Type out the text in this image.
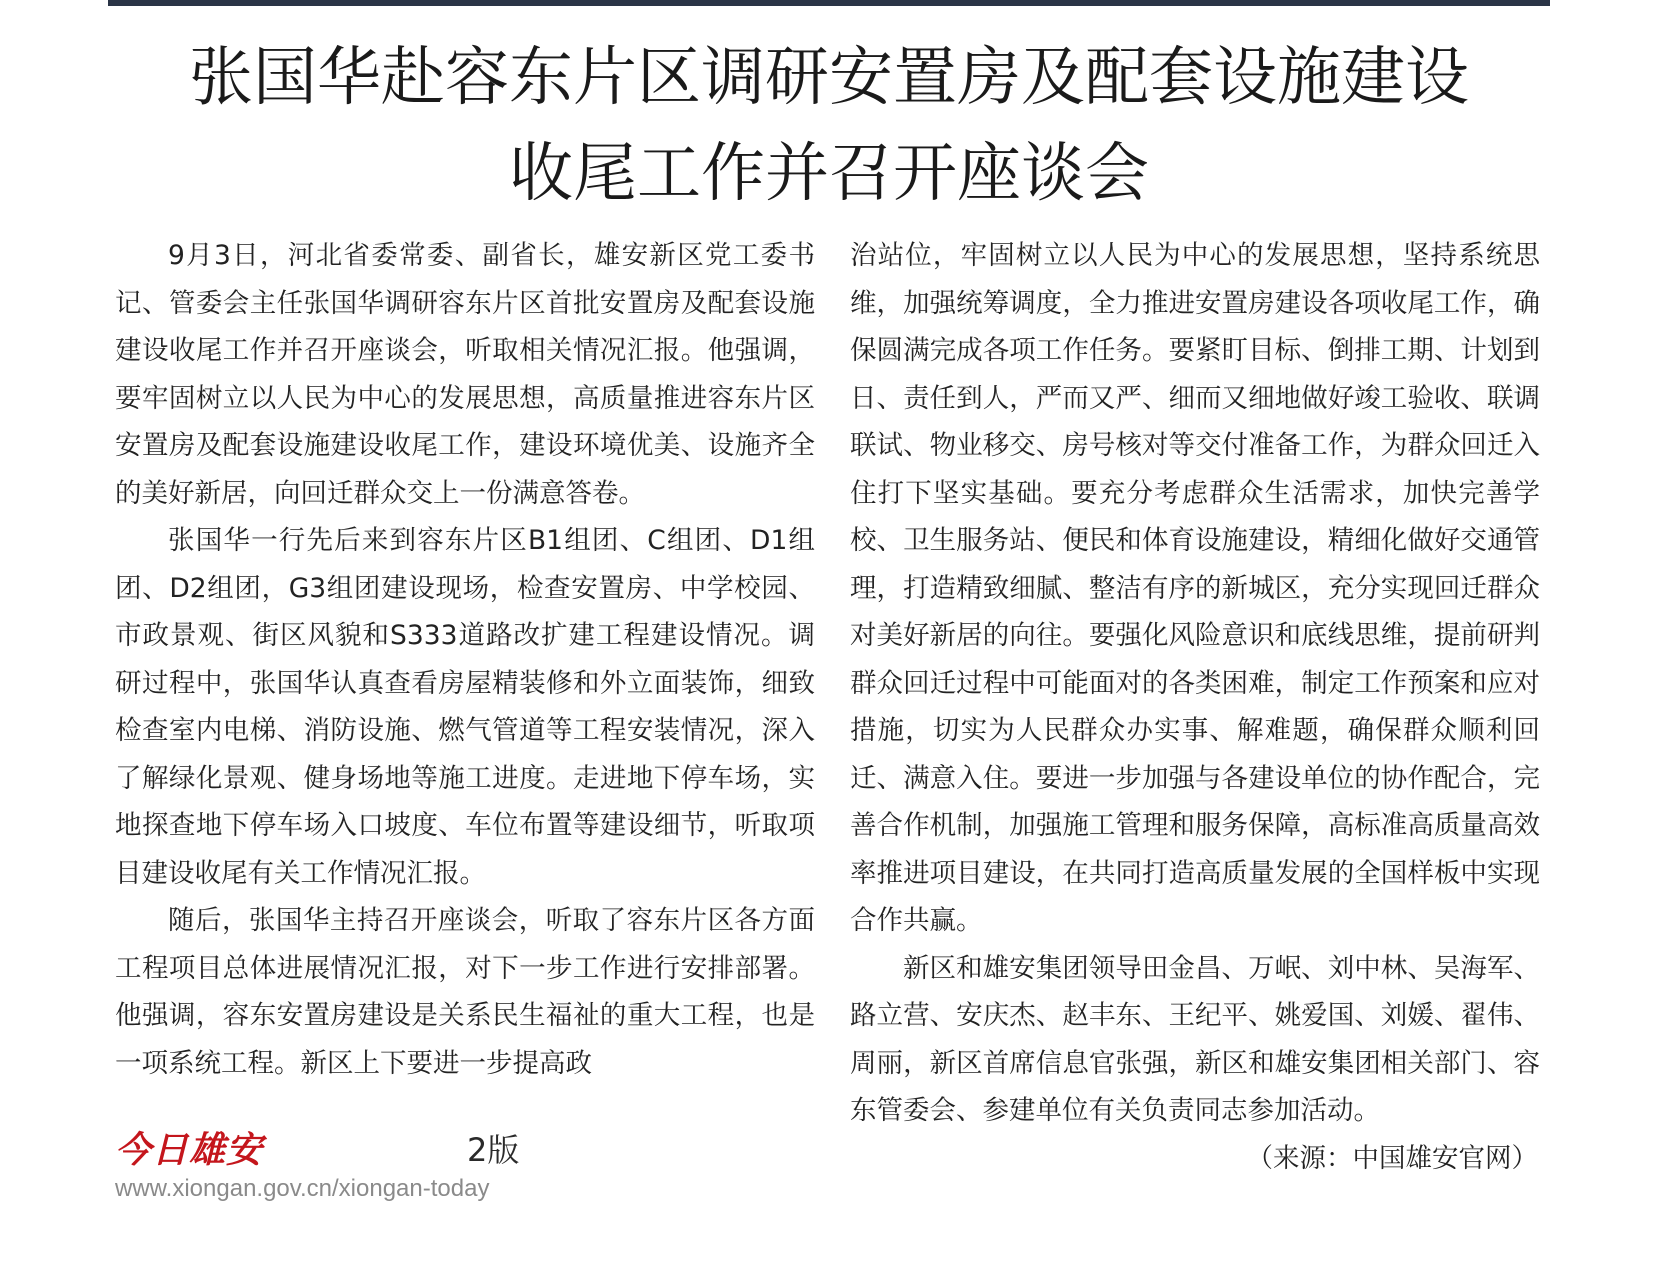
张国华赴容东片区调研安置房及配套设施建设
收尾工作并召开座谈会

9月3日，河北省委常委、副省长，雄安新区党工委书记、管委会主任张国华调研容东片区首批安置房及配套设施建设收尾工作并召开座谈会，听取相关情况汇报。他强调，要牢固树立以人民为中心的发展思想，高质量推进容东片区安置房及配套设施建设收尾工作，建设环境优美、设施齐全的美好新居，向回迁群众交上一份满意答卷。

张国华一行先后来到容东片区B1组团、C组团、D1组团、D2组团，G3组团建设现场，检查安置房、中学校园、市政景观、街区风貌和S333道路改扩建工程建设情况。调研过程中，张国华认真查看房屋精装修和外立面装饰，细致检查室内电梯、消防设施、燃气管道等工程安装情况，深入了解绿化景观、健身场地等施工进度。走进地下停车场，实地探查地下停车场入口坡度、车位布置等建设细节，听取项目建设收尾有关工作情况汇报。

随后，张国华主持召开座谈会，听取了容东片区各方面工程项目总体进展情况汇报，对下一步工作进行安排部署。他强调，容东安置房建设是关系民生福祉的重大工程，也是一项系统工程。新区上下要进一步提高政

治站位，牢固树立以人民为中心的发展思想，坚持系统思维，加强统筹调度，全力推进安置房建设各项收尾工作，确保圆满完成各项工作任务。要紧盯目标、倒排工期、计划到日、责任到人，严而又严、细而又细地做好竣工验收、联调联试、物业移交、房号核对等交付准备工作，为群众回迁入住打下坚实基础。要充分考虑群众生活需求，加快完善学校、卫生服务站、便民和体育设施建设，精细化做好交通管理，打造精致细腻、整洁有序的新城区，充分实现回迁群众对美好新居的向往。要强化风险意识和底线思维，提前研判群众回迁过程中可能面对的各类困难，制定工作预案和应对措施，切实为人民群众办实事、解难题，确保群众顺利回迁、满意入住。要进一步加强与各建设单位的协作配合，完善合作机制，加强施工管理和服务保障，高标准高质量高效率推进项目建设，在共同打造高质量发展的全国样板中实现合作共赢。

新区和雄安集团领导田金昌、万岷、刘中林、吴海军、路立营、安庆杰、赵丰东、王纪平、姚爱国、刘媛、翟伟、周丽，新区首席信息官张强，新区和雄安集团相关部门、容东管委会、参建单位有关负责同志参加活动。

（来源：中国雄安官网）

今日雄安	2版
www.xiongan.gov.cn/xiongan-today
